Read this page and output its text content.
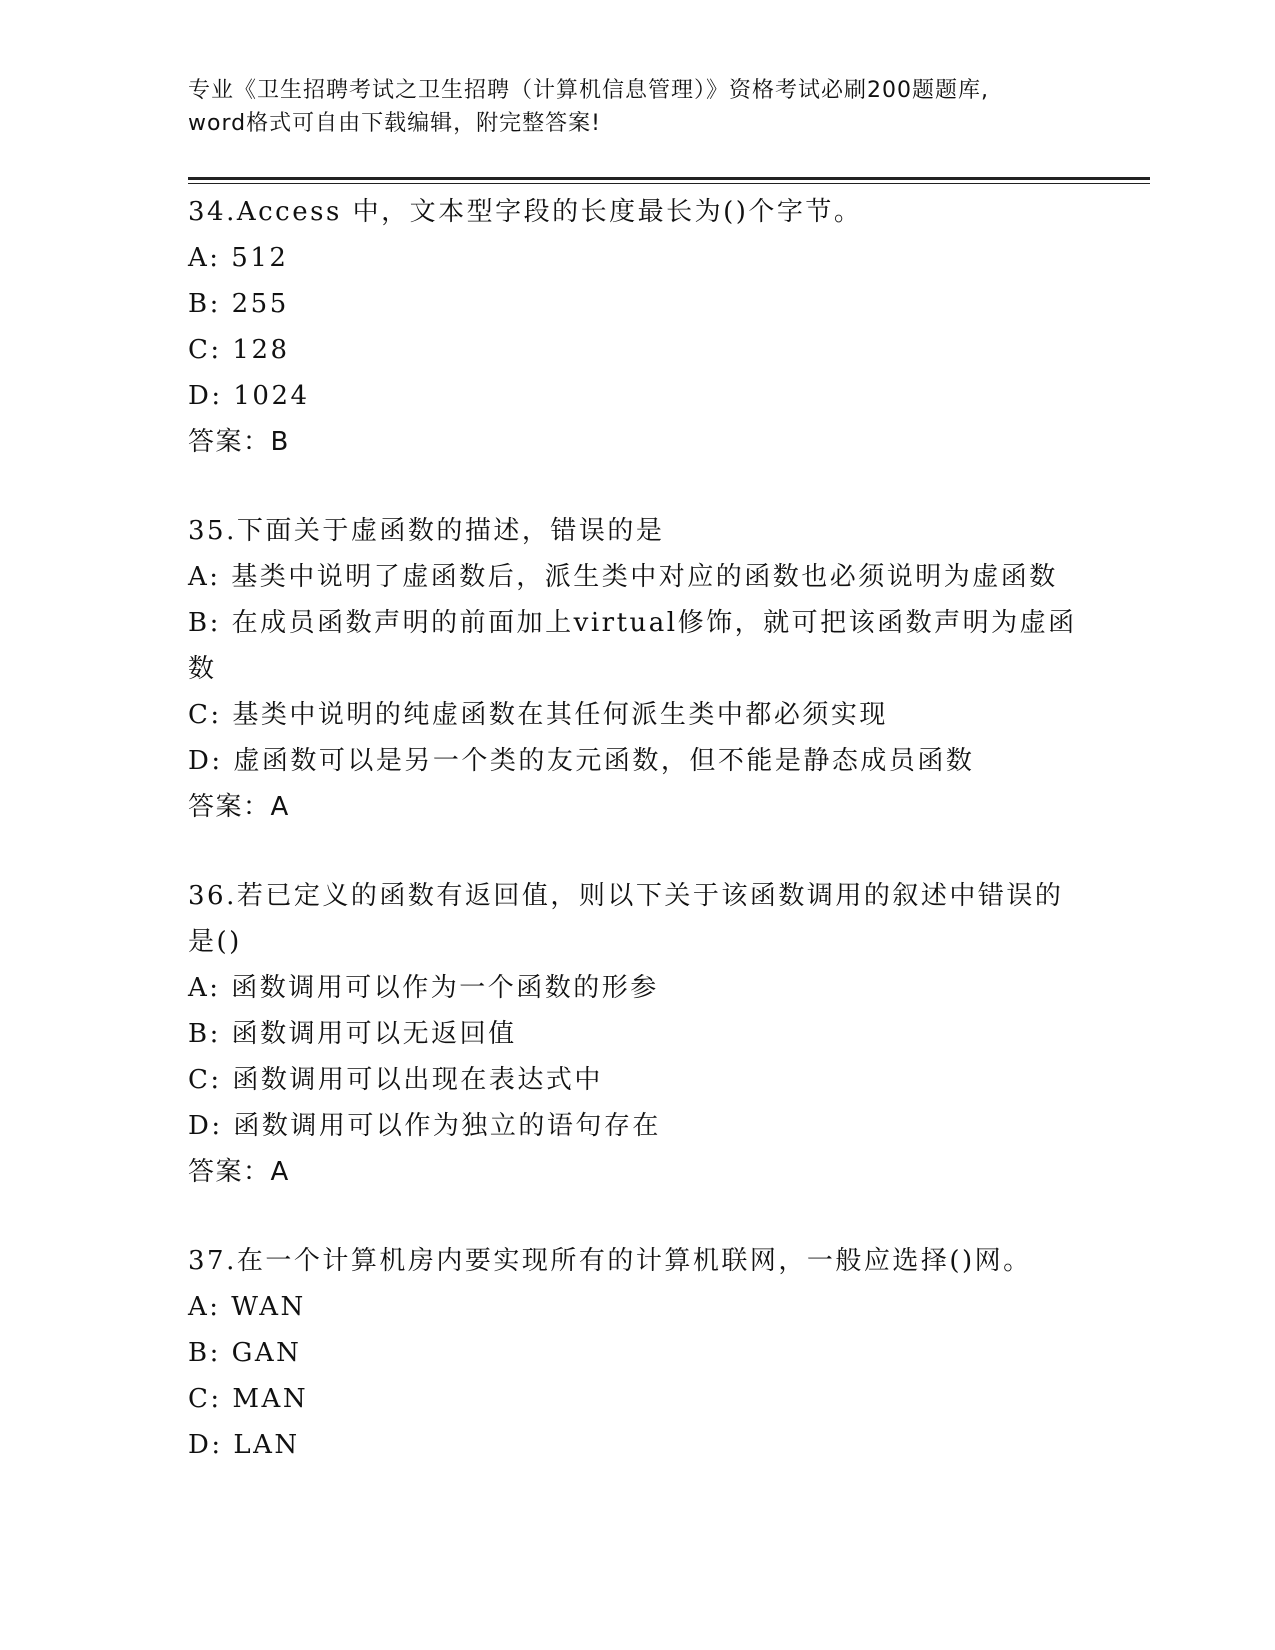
专业《卫生招聘考试之卫生招聘（计算机信息管理）》资格考试必刷200题题库,
word格式可自由下载编辑，附完整答案!
34.Access 中，文本型字段的长度最长为()个字节。
A: 512
B: 255
C: 128
D: 1024
答案：B
35.下面关于虚函数的描述，错误的是
A: 基类中说明了虚函数后，派生类中对应的函数也必须说明为虚函数
B: 在成员函数声明的前面加上virtual修饰，就可把该函数声明为虚函数
C: 基类中说明的纯虚函数在其任何派生类中都必须实现
D: 虚函数可以是另一个类的友元函数，但不能是静态成员函数
答案：A
36.若已定义的函数有返回值，则以下关于该函数调用的叙述中错误的是()
A: 函数调用可以作为一个函数的形参
B: 函数调用可以无返回值
C: 函数调用可以出现在表达式中
D: 函数调用可以作为独立的语句存在
答案：A
37.在一个计算机房内要实现所有的计算机联网，一般应选择()网。
A: WAN
B: GAN
C: MAN
D: LAN
